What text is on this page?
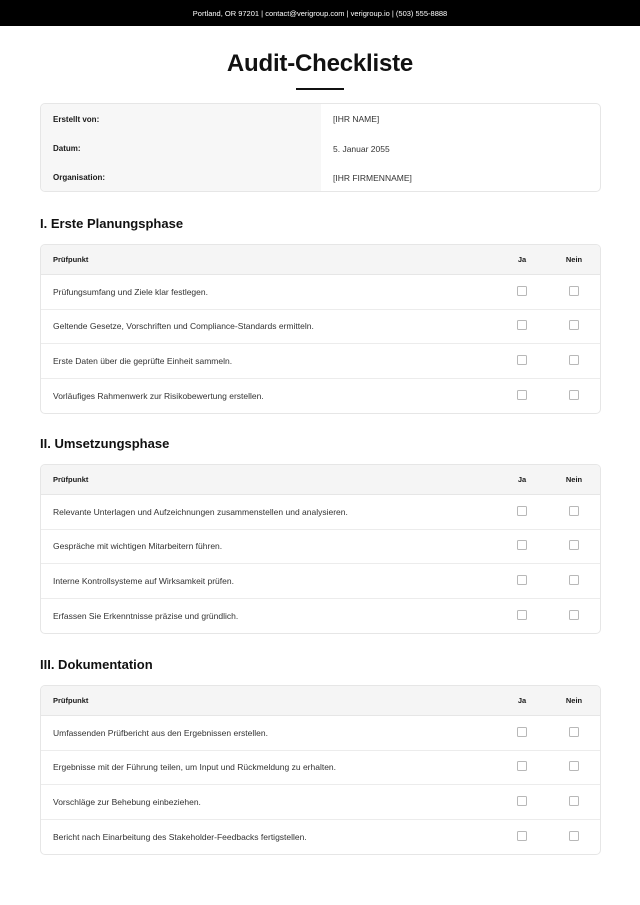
Portland, OR 97201 | contact@verigroup.com | verigroup.io | (503) 555-8888
Audit-Checkliste
Erstellt von:	[IHR NAME]
Datum:	5. Januar 2055
Organisation:	[IHR FIRMENNAME]
I. Erste Planungsphase
Prüfpunkt	Ja	Nein
Prüfungsumfang und Ziele klar festlegen.
Geltende Gesetze, Vorschriften und Compliance-Standards ermitteln.
Erste Daten über die geprüfte Einheit sammeln.
Vorläufiges Rahmenwerk zur Risikobewertung erstellen.
II. Umsetzungsphase
Prüfpunkt	Ja	Nein
Relevante Unterlagen und Aufzeichnungen zusammenstellen und analysieren.
Gespräche mit wichtigen Mitarbeitern führen.
Interne Kontrollsysteme auf Wirksamkeit prüfen.
Erfassen Sie Erkenntnisse präzise und gründlich.
III. Dokumentation
Prüfpunkt	Ja	Nein
Umfassenden Prüfbericht aus den Ergebnissen erstellen.
Ergebnisse mit der Führung teilen, um Input und Rückmeldung zu erhalten.
Vorschläge zur Behebung einbeziehen.
Bericht nach Einarbeitung des Stakeholder-Feedbacks fertigstellen.
